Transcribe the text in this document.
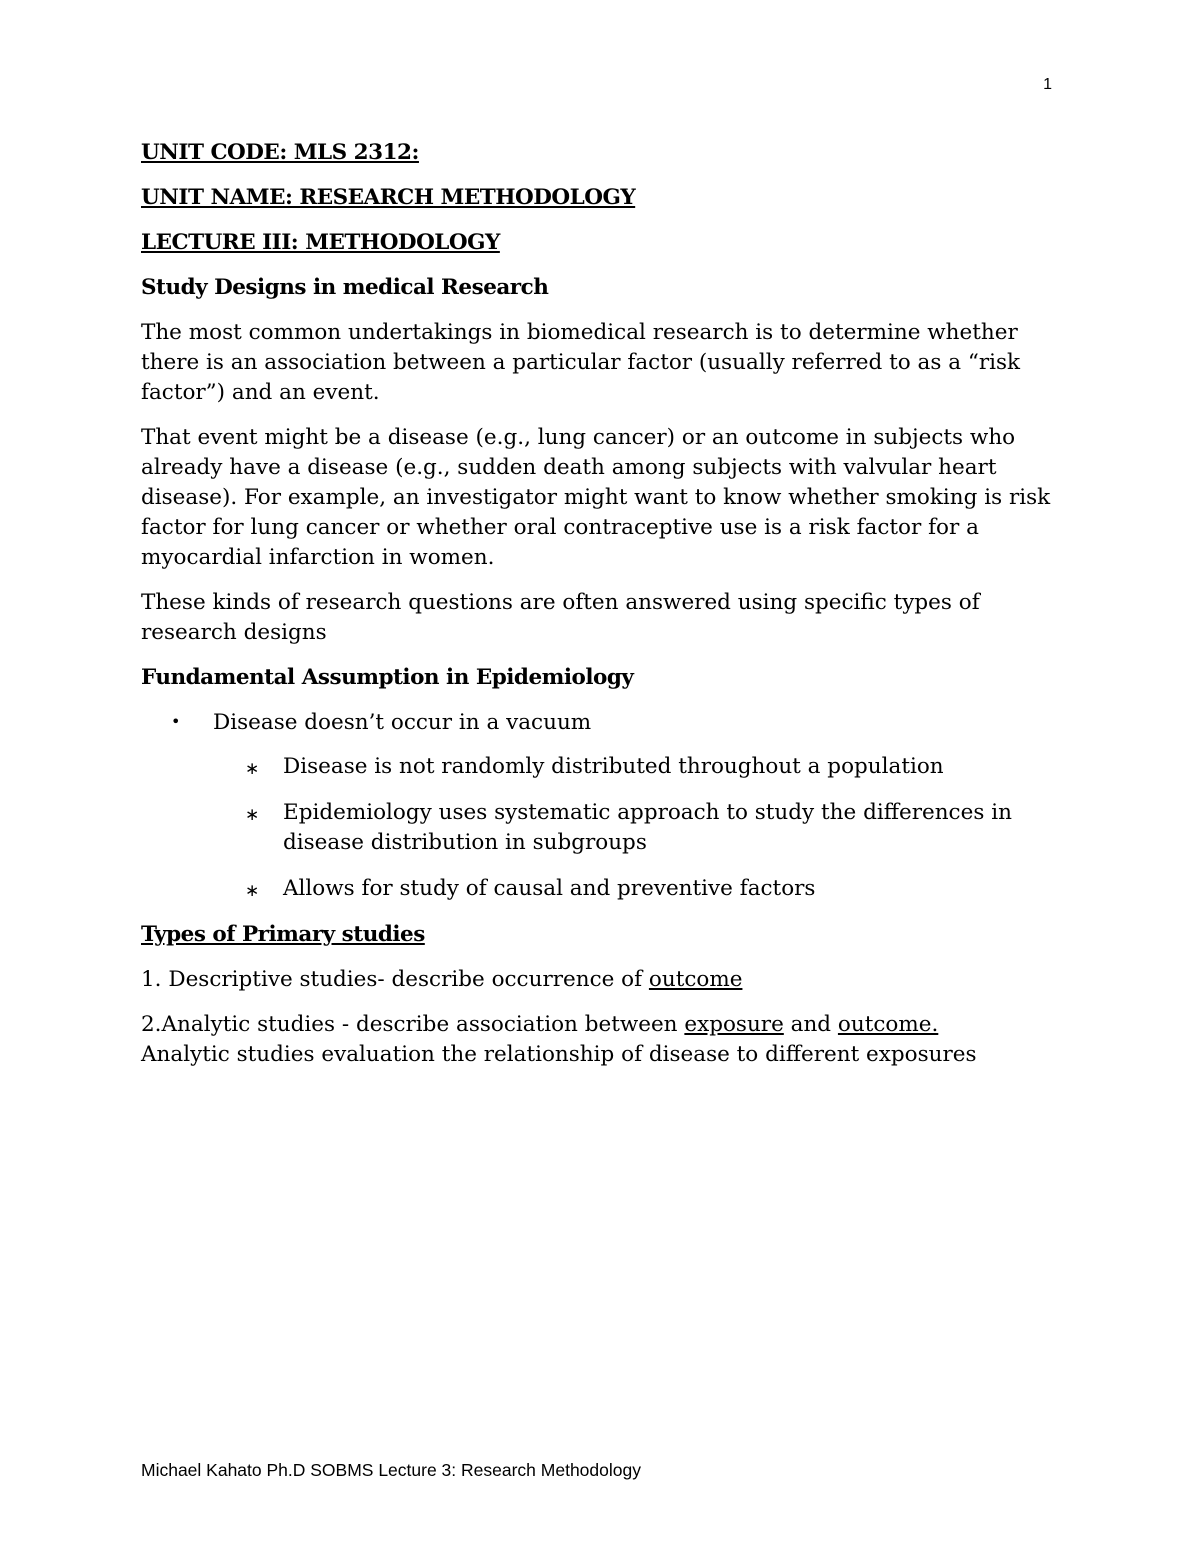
1

UNIT CODE: MLS 2312:

UNIT NAME: RESEARCH METHODOLOGY

LECTURE III: METHODOLOGY

Study Designs in medical Research

The most common undertakings in biomedical research is to determine whether there is an association between a particular factor (usually referred to as a “risk factor”) and an event.

That event might be a disease (e.g., lung cancer) or an outcome in subjects who already have a disease (e.g., sudden death among subjects with valvular heart disease). For example, an investigator might want to know whether smoking is risk factor for lung cancer or whether oral contraceptive use is a risk factor for a myocardial infarction in women.

These kinds of research questions are often answered using specific types of research designs

Fundamental Assumption in Epidemiology

• Disease doesn’t occur in a vacuum
∗ Disease is not randomly distributed throughout a population
∗ Epidemiology uses systematic approach to study the differences in disease distribution in subgroups
∗ Allows for study of causal and preventive factors

Types of Primary studies

1. Descriptive studies- describe occurrence of outcome

2.Analytic studies - describe association between exposure and outcome.
Analytic studies evaluation the relationship of disease to different exposures

Michael Kahato Ph.D SOBMS Lecture 3: Research Methodology
